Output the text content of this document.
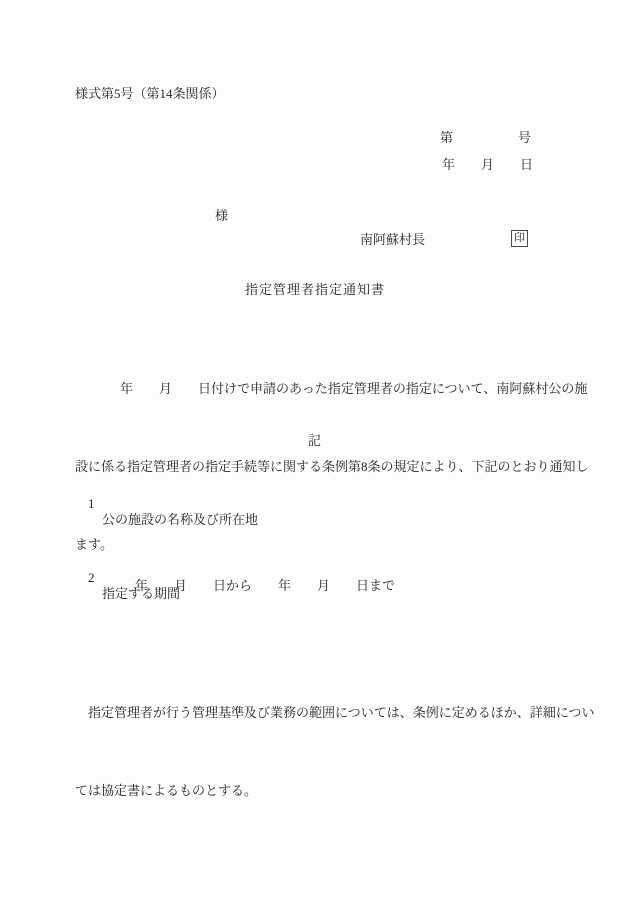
様式第5号（第14条関係）
第　　　　　号
年　　月　　日
様
南阿蘇村長	印
指定管理者指定通知書

年　　月　　日付けで申請のあった指定管理者の指定について、南阿蘇村公の施

設に係る指定管理者の指定手続等に関する条例第8条の規定により、下記のとおり通知し

ます。

記

1
公の施設の名称及び所在地

2
指定する期間

年　　月　　日から　　年　　月　　日まで

指定管理者が行う管理基準及び業務の範囲については、条例に定めるほか、詳細につい

ては協定書によるものとする。
